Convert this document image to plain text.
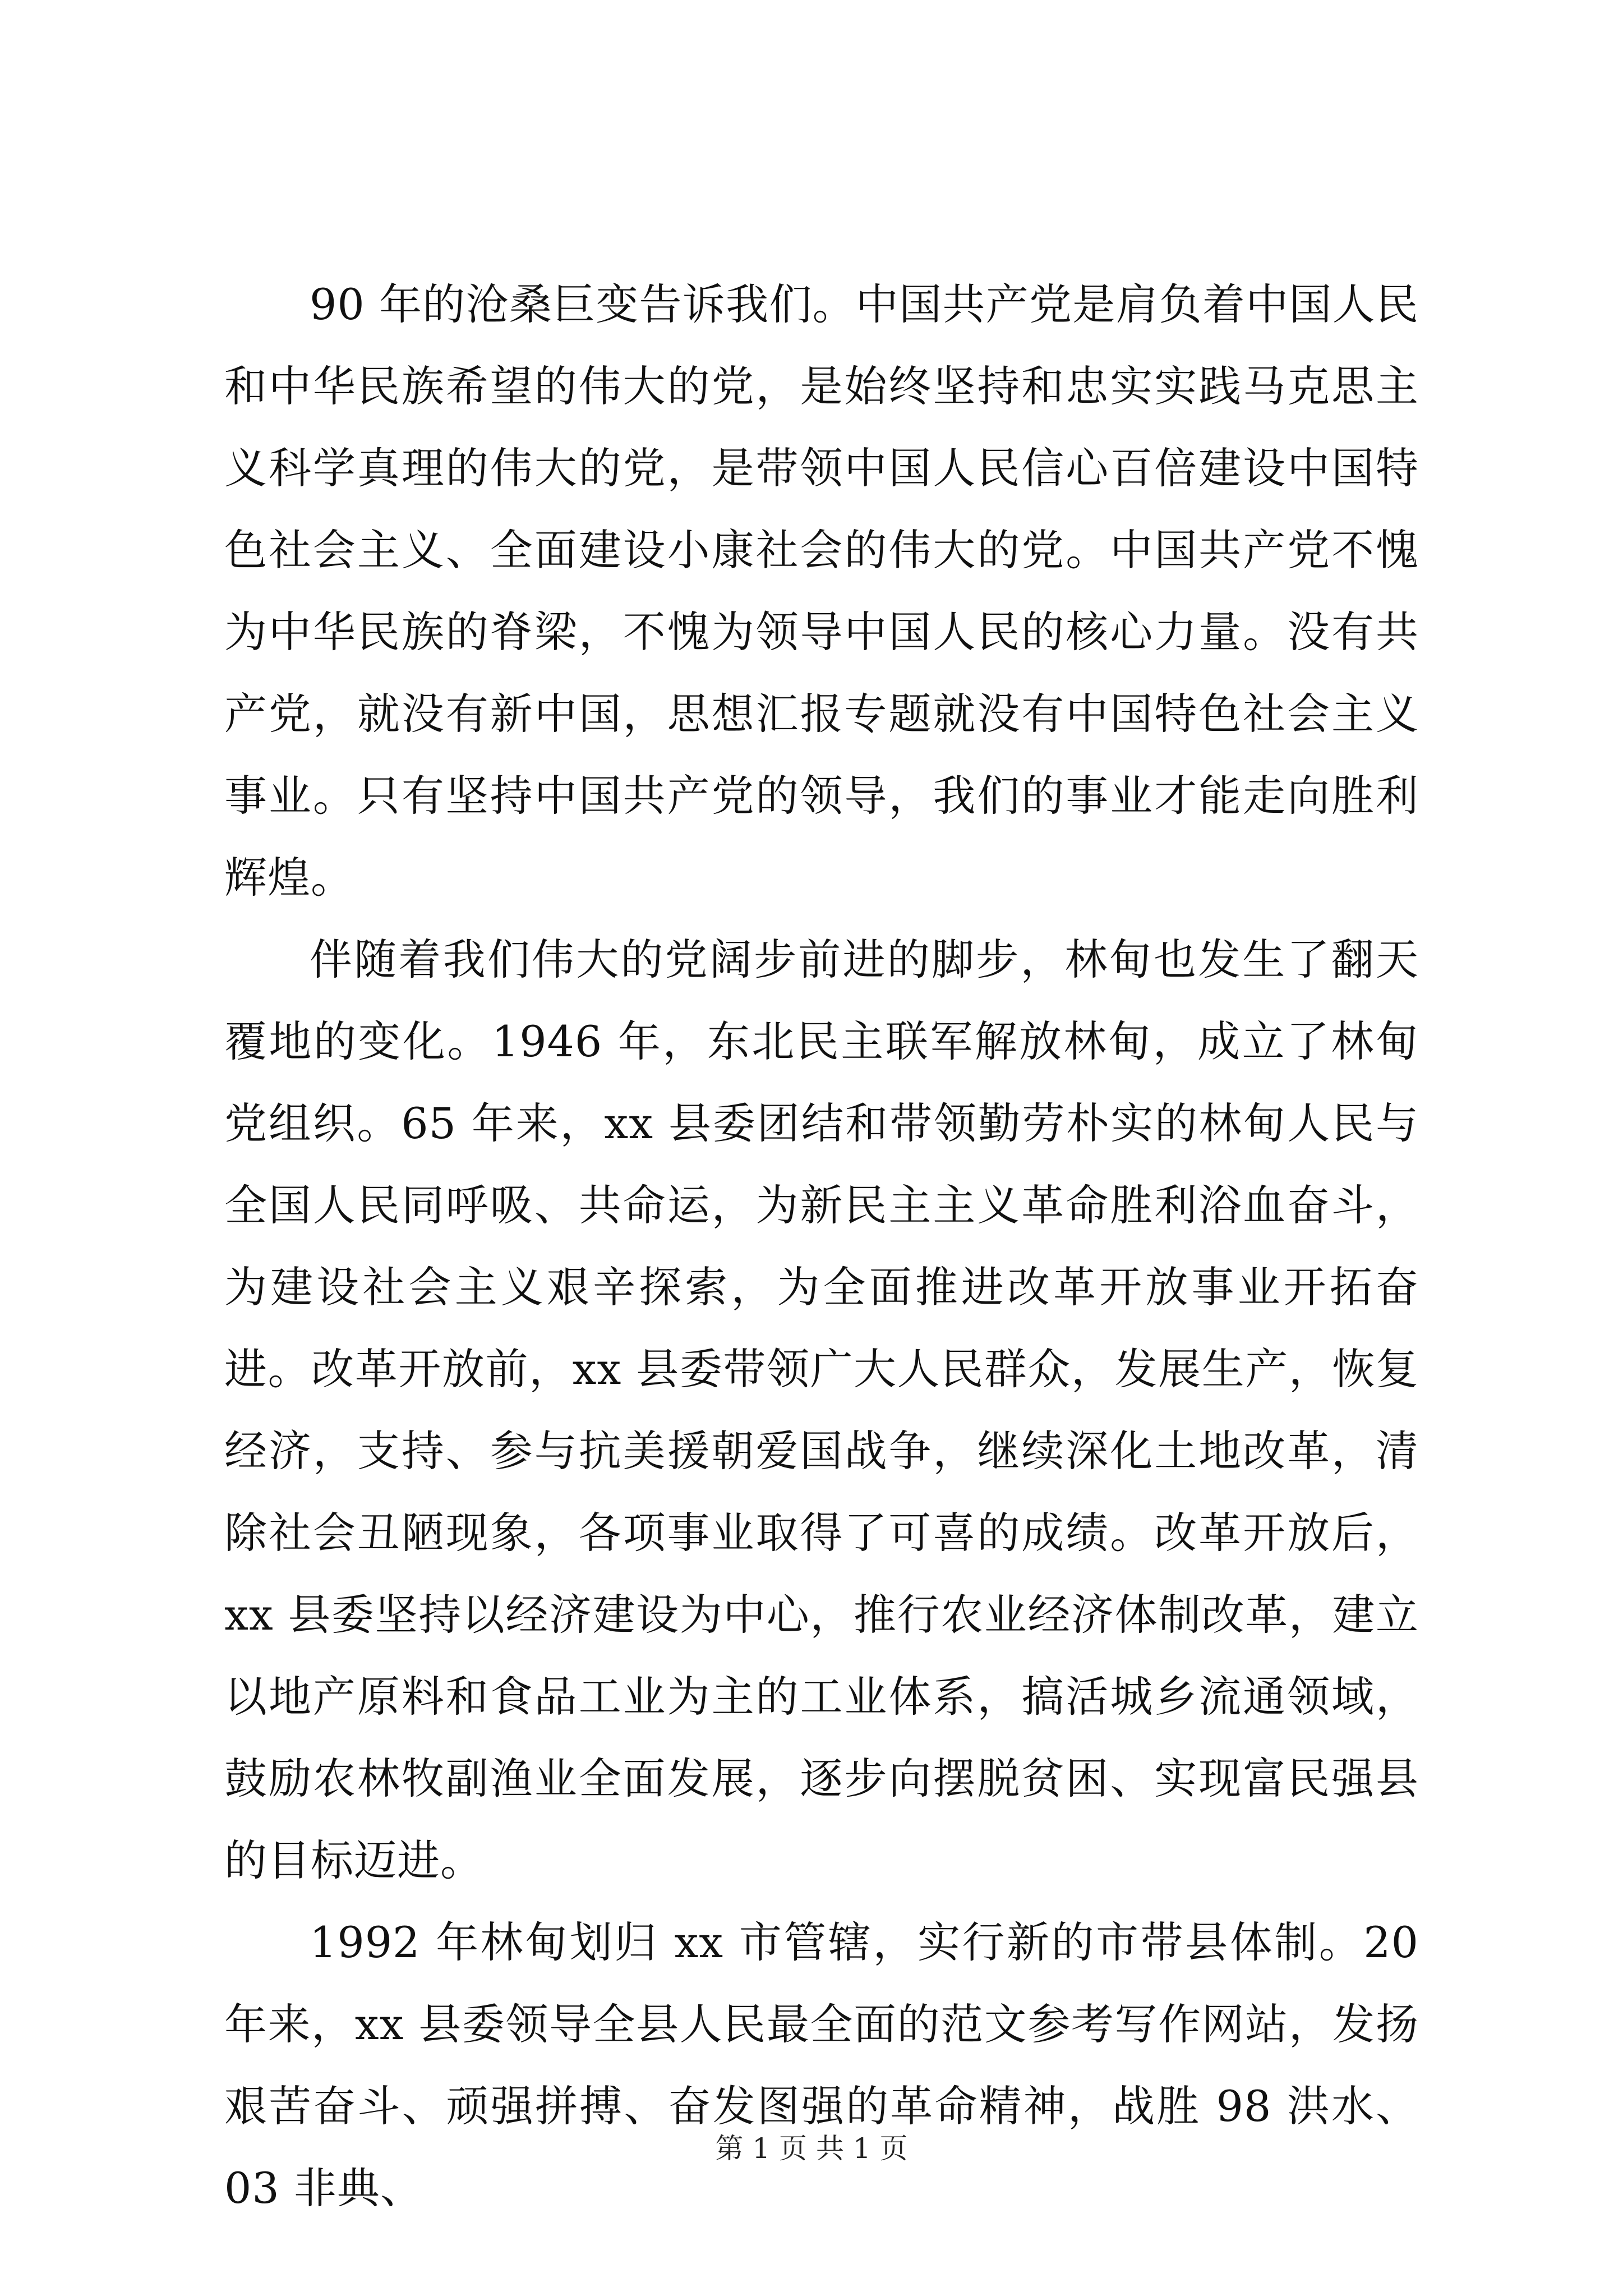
90 年的沧桑巨变告诉我们。中国共产党是肩负着中国人民和中华民族希望的伟大的党，是始终坚持和忠实实践马克思主义科学真理的伟大的党，是带领中国人民信心百倍建设中国特色社会主义、全面建设小康社会的伟大的党。中国共产党不愧为中华民族的脊梁，不愧为领导中国人民的核心力量。没有共产党，就没有新中国，思想汇报专题就没有中国特色社会主义事业。只有坚持中国共产党的领导，我们的事业才能走向胜利辉煌。

伴随着我们伟大的党阔步前进的脚步，林甸也发生了翻天覆地的变化。1946 年，东北民主联军解放林甸，成立了林甸党组织。65 年来，xx 县委团结和带领勤劳朴实的林甸人民与全国人民同呼吸、共命运，为新民主主义革命胜利浴血奋斗，为建设社会主义艰辛探索，为全面推进改革开放事业开拓奋进。改革开放前，xx 县委带领广大人民群众，发展生产，恢复经济，支持、参与抗美援朝爱国战争，继续深化土地改革，清除社会丑陋现象，各项事业取得了可喜的成绩。改革开放后，xx 县委坚持以经济建设为中心，推行农业经济体制改革，建立以地产原料和食品工业为主的工业体系，搞活城乡流通领域，鼓励农林牧副渔业全面发展，逐步向摆脱贫困、实现富民强县的目标迈进。

1992 年林甸划归 xx 市管辖，实行新的市带县体制。20 年来，xx 县委领导全县人民最全面的范文参考写作网站，发扬艰苦奋斗、顽强拼搏、奋发图强的革命精神，战胜 98 洪水、03 非典、

第 1 页 共 1 页
